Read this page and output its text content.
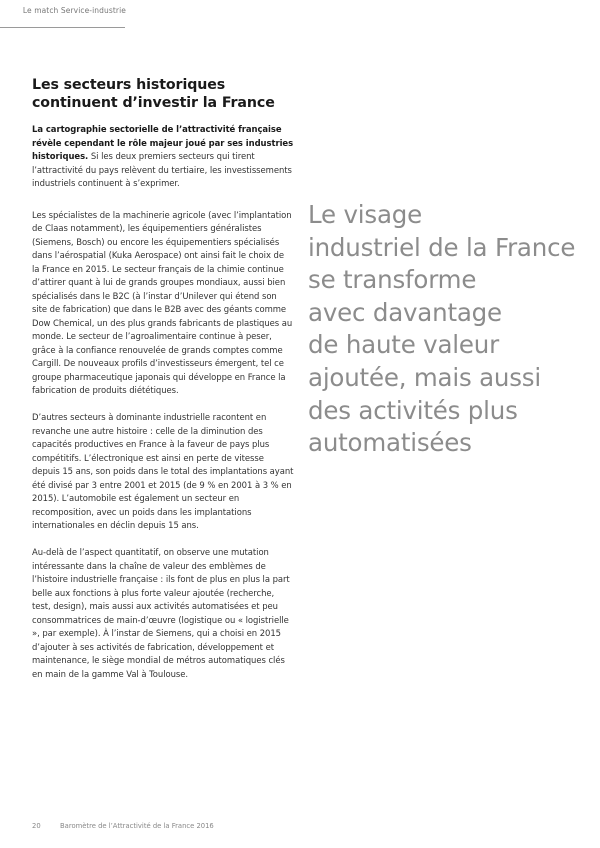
Le match Service-industrie
Les secteurs historiques
continuent d’investir la France

La cartographie sectorielle de l’attractivité française révèle cependant le rôle majeur joué par ses industries historiques. Si les deux premiers secteurs qui tirent l’attractivité du pays relèvent du tertiaire, les investissements industriels continuent à s’exprimer.

Les spécialistes de la machinerie agricole (avec l’implantation de Claas notamment), les équipementiers généralistes (Siemens, Bosch) ou encore les équipementiers spécialisés dans l’aérospatial (Kuka Aerospace) ont ainsi fait le choix de la France en 2015. Le secteur français de la chimie continue d’attirer quant à lui de grands groupes mondiaux, aussi bien spécialisés dans le B2C (à l’instar d’Unilever qui étend son site de fabrication) que dans le B2B avec des géants comme Dow Chemical, un des plus grands fabricants de plastiques au monde. Le secteur de l’agroalimentaire continue à peser, grâce à la confiance renouvelée de grands comptes comme Cargill. De nouveaux profils d’investisseurs émergent, tel ce groupe pharmaceutique japonais qui développe en France la fabrication de produits diététiques.

D’autres secteurs à dominante industrielle racontent en revanche une autre histoire : celle de la diminution des capacités productives en France à la faveur de pays plus compétitifs. L’électronique est ainsi en perte de vitesse depuis 15 ans, son poids dans le total des implantations ayant été divisé par 3 entre 2001 et 2015 (de 9 % en 2001 à 3 % en 2015). L’automobile est également un secteur en recomposition, avec un poids dans les implantations internationales en déclin depuis 15 ans.

Au-delà de l’aspect quantitatif, on observe une mutation intéressante dans la chaîne de valeur des emblèmes de l’histoire industrielle française : ils font de plus en plus la part belle aux fonctions à plus forte valeur ajoutée (recherche, test, design), mais aussi aux activités automatisées et peu consommatrices de main-d’œuvre (logistique ou « logistrielle », par exemple). À l’instar de Siemens, qui a choisi en 2015 d’ajouter à ses activités de fabrication, développement et maintenance, le siège mondial de métros automatiques clés en main de la gamme Val à Toulouse.

Le visage
industriel de la France
se transforme
avec davantage
de haute valeur
ajoutée, mais aussi
des activités plus
automatisées
20	Baromètre de l’Attractivité de la France 2016
